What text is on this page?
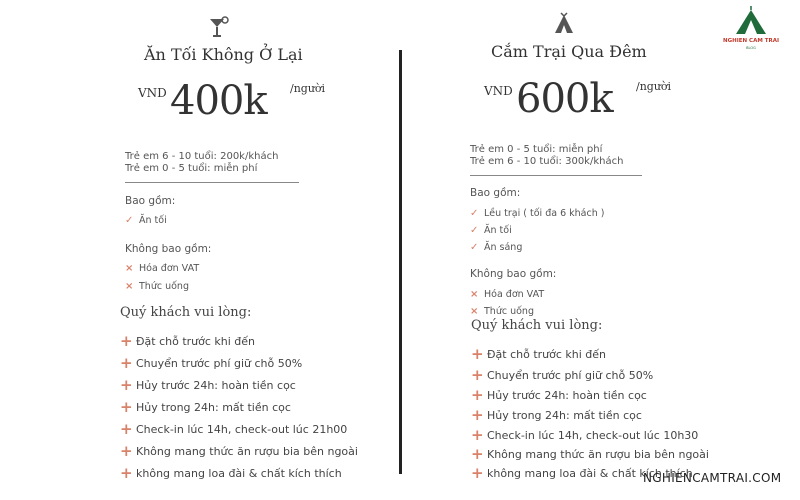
Ăn Tối Không Ở Lại
VND 400k /người
Trẻ em 6 - 10 tuổi: 200k/khách
Trẻ em 0 - 5 tuổi: miễn phí
Bao gồm:
✓ Ăn tối
Không bao gồm:
× Hóa đơn VAT
× Thức uống
Quý khách vui lòng:
+ Đặt chỗ trước khi đến
+ Chuyển trước phí giữ chỗ 50%
+ Hủy trước 24h: hoàn tiền cọc
+ Hủy trong 24h: mất tiền cọc
+ Check-in lúc 14h, check-out lúc 21h00
+ Không mang thức ăn rượu bia bên ngoài
+ không mang loa đài & chất kích thích
Cắm Trại Qua Đêm
VND 600k /người
Trẻ em 0 - 5 tuổi: miễn phí
Trẻ em 6 - 10 tuổi: 300k/khách
Bao gồm:
✓ Lều trại ( tối đa 6 khách )
✓ Ăn tối
✓ Ăn sáng
Không bao gồm:
× Hóa đơn VAT
× Thức uống
Quý khách vui lòng:
+ Đặt chỗ trước khi đến
+ Chuyển trước phí giữ chỗ 50%
+ Hủy trước 24h: hoàn tiền cọc
+ Hủy trong 24h: mất tiền cọc
+ Check-in lúc 14h, check-out lúc 10h30
+ Không mang thức ăn rượu bia bên ngoài
+ không mang loa đài & chất kích thích
NGHIEN CAM TRAI
BLOG
NGHIENCAMTRAI.COM
